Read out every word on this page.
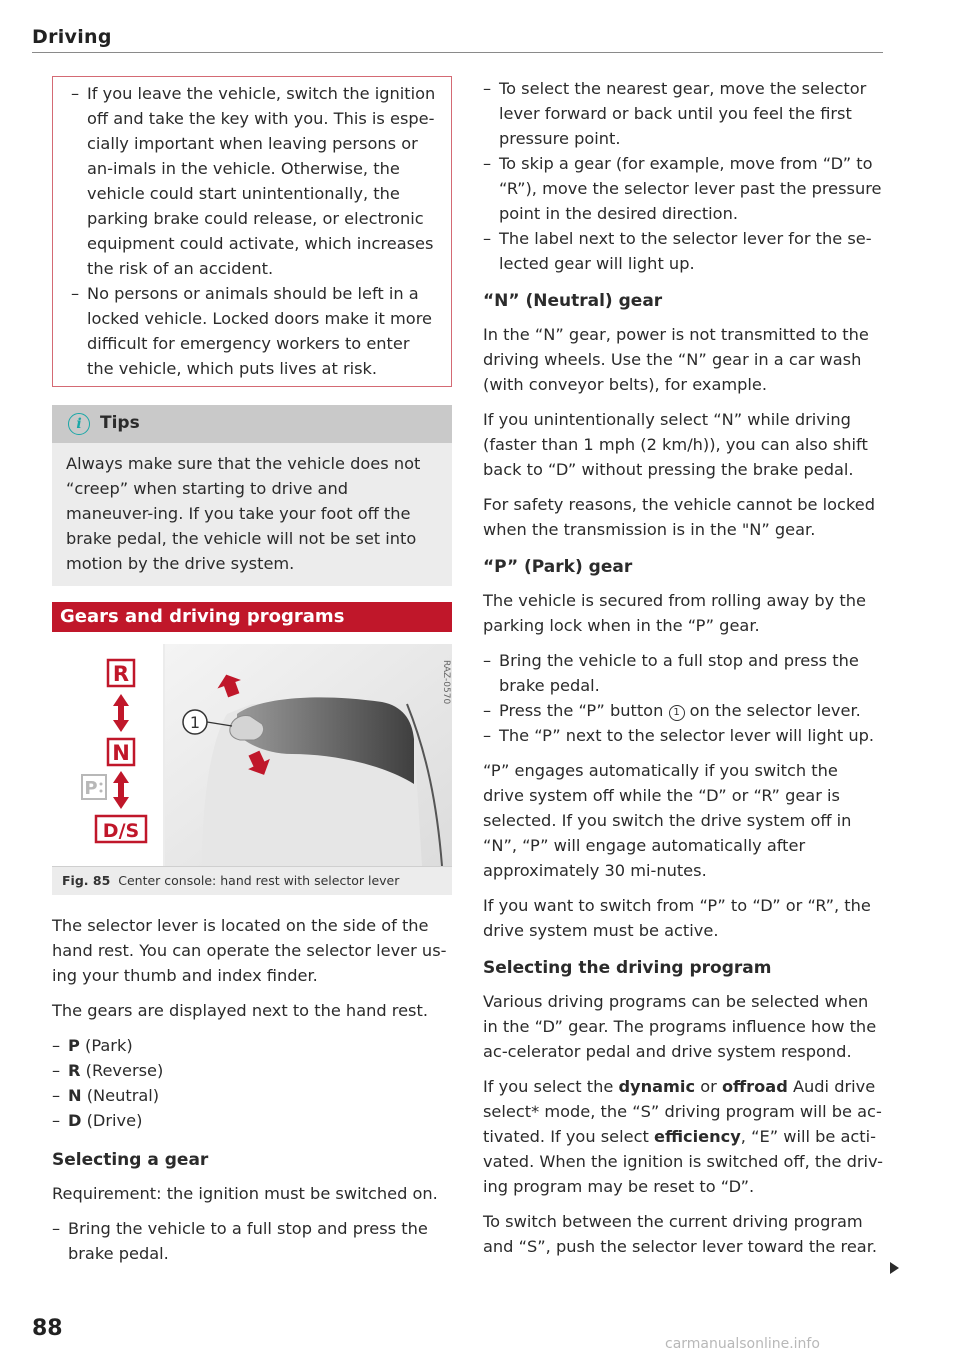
Driving
– If you leave the vehicle, switch the ignition off and take the key with you. This is espe-cially important when leaving persons or an-imals in the vehicle. Otherwise, the vehicle could start unintentionally, the parking brake could release, or electronic equipment could activate, which increases the risk of an accident.
– No persons or animals should be left in a locked vehicle. Locked doors make it more difficult for emergency workers to enter the vehicle, which puts lives at risk.
i	Tips

Always make sure that the vehicle does not “creep” when starting to drive and maneuver-ing. If you take your foot off the brake pedal, the vehicle will not be set into motion by the drive system.

Gears and driving programs
1
R
N
P
D/S
RAZ-0570
Fig. 85 Center console: hand rest with selector lever

The selector lever is located on the side of the hand rest. You can operate the selector lever us-ing your thumb and index finder.

The gears are displayed next to the hand rest.

– P (Park)
– R (Reverse)
– N (Neutral)
– D (Drive)
Selecting a gear

Requirement: the ignition must be switched on.

– Bring the vehicle to a full stop and press the brake pedal.
– To select the nearest gear, move the selector lever forward or back until you feel the first pressure point.
– To skip a gear (for example, move from “D” to “R”), move the selector lever past the pressure point in the desired direction.
– The label next to the selector lever for the se-lected gear will light up.
“N” (Neutral) gear

In the “N” gear, power is not transmitted to the driving wheels. Use the “N” gear in a car wash (with conveyor belts), for example.

If you unintentionally select “N” while driving (faster than 1 mph (2 km/h)), you can also shift back to “D” without pressing the brake pedal.

For safety reasons, the vehicle cannot be locked when the transmission is in the "N” gear.

“P” (Park) gear

The vehicle is secured from rolling away by the parking lock when in the “P” gear.

– Bring the vehicle to a full stop and press the brake pedal.
– Press the “P” button 1 on the selector lever.
– The “P” next to the selector lever will light up.

“P” engages automatically if you switch the drive system off while the “D” or “R” gear is selected. If you switch the drive system off in “N”, “P” will engage automatically after approximately 30 mi-nutes.

If you want to switch from “P” to “D” or “R”, the drive system must be active.

Selecting the driving program

Various driving programs can be selected when in the “D” gear. The programs influence how the ac-celerator pedal and drive system respond.

If you select the dynamic or offroad Audi drive select* mode, the “S” driving program will be ac-tivated. If you select efficiency, “E” will be acti-vated. When the ignition is switched off, the driv-ing program may be reset to “D”.

To switch between the current driving program and “S”, push the selector lever toward the rear.

88
carmanualsonline.info
